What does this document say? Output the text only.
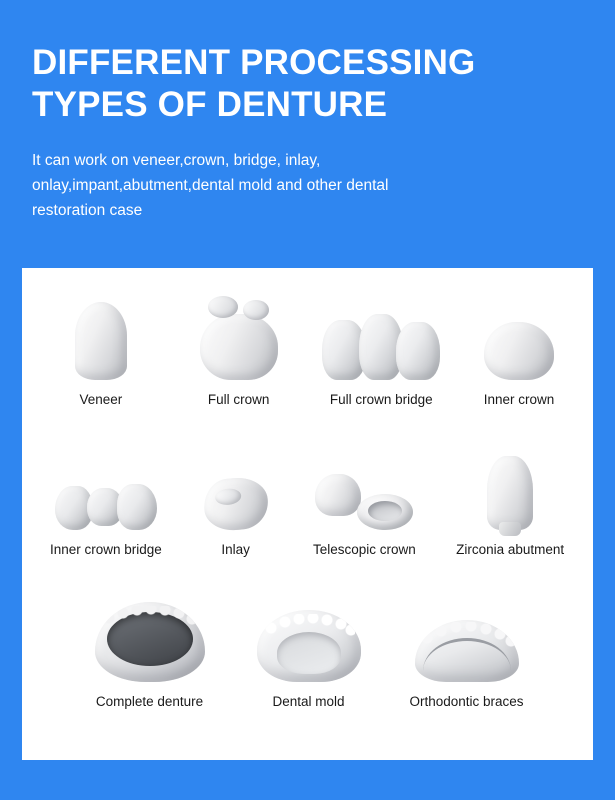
DIFFERENT PROCESSING TYPES OF DENTURE

It can work on veneer,crown, bridge, inlay, onlay,impant,abutment,dental mold and other dental restoration case

Veneer	Full crown	Full crown bridge	Inner crown
Inner crown bridge	Inlay	Telescopic crown	Zirconia abutment
Complete denture	Dental mold	Orthodontic braces
